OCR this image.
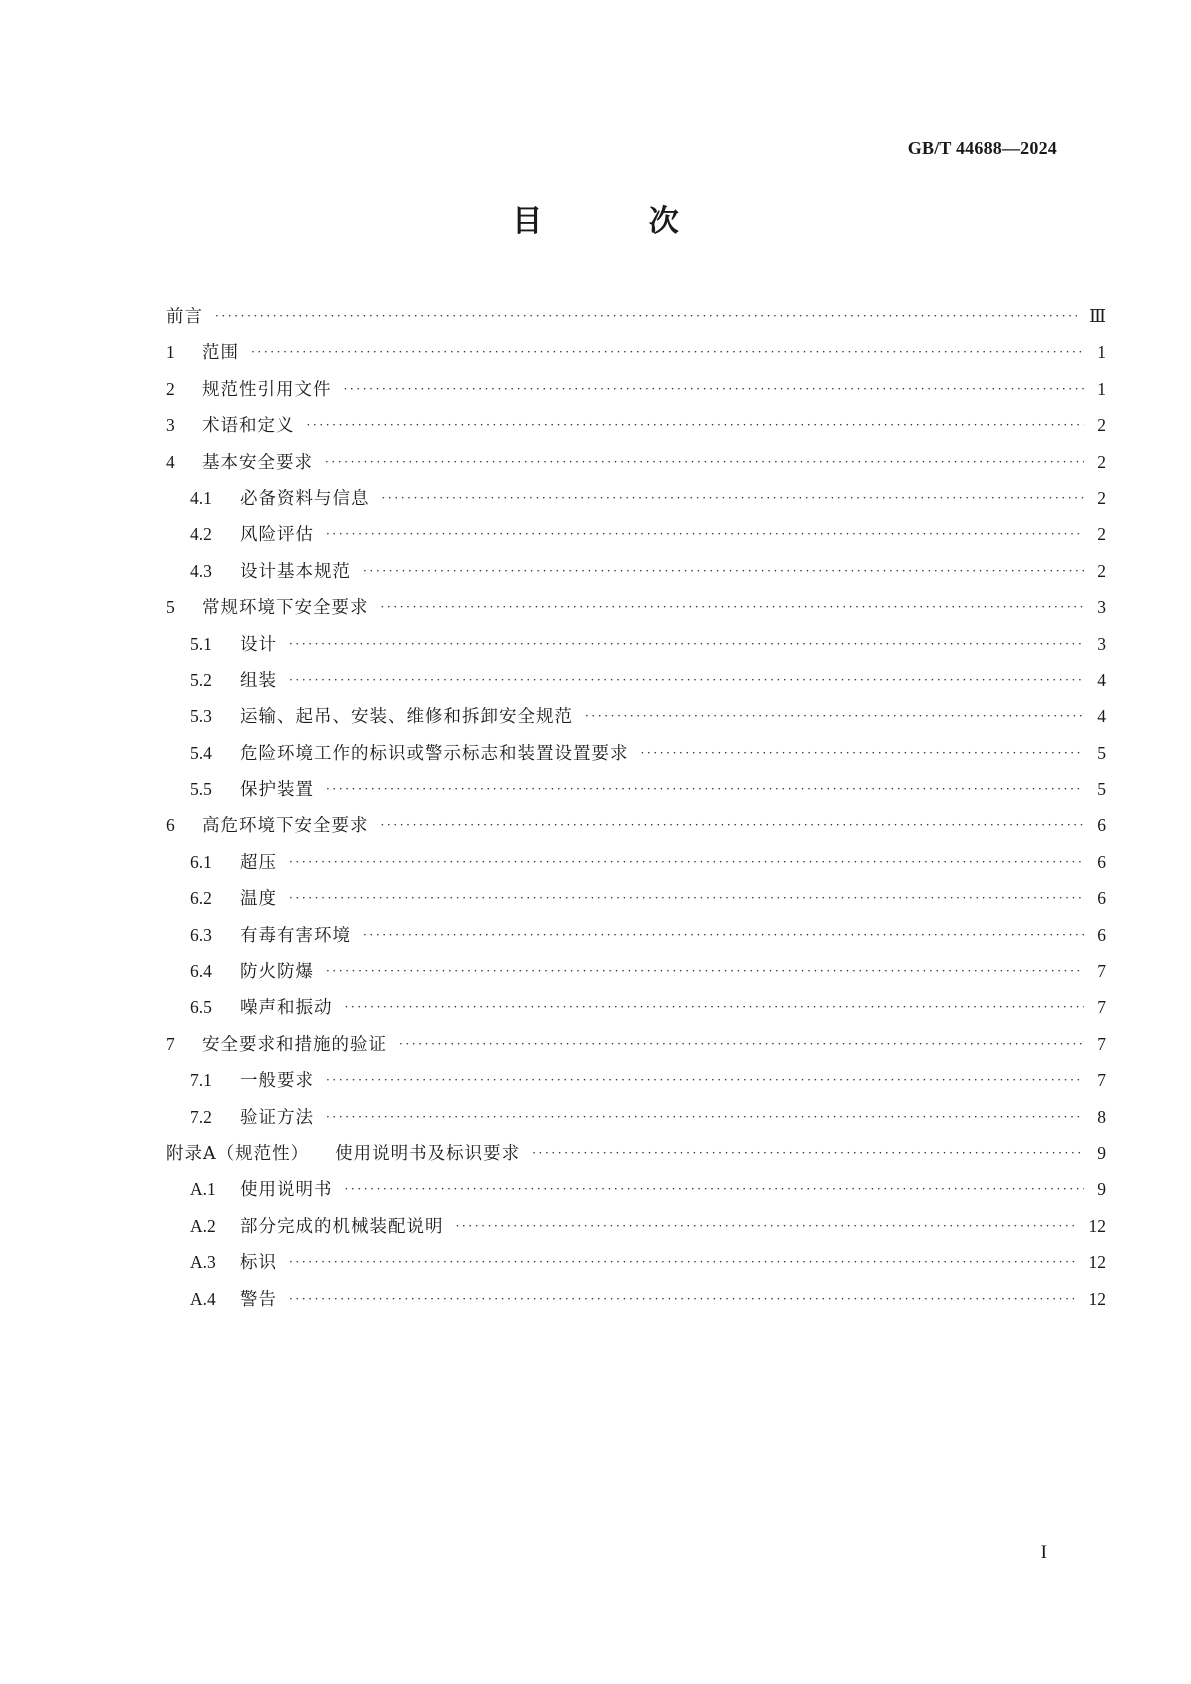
GB/T 44688—2024
目 次
前言 ·····	Ⅲ
1	范围 ·····	1
2	规范性引用文件 ·····	1
3	术语和定义 ·····	2
4	基本安全要求 ·····	2
4.1	必备资料与信息 ·····	2
4.2	风险评估 ·····	2
4.3	设计基本规范 ·····	2
5	常规环境下安全要求 ·····	3
5.1	设计 ·····	3
5.2	组装 ·····	4
5.3	运输、起吊、安装、维修和拆卸安全规范 ·····	4
5.4	危险环境工作的标识或警示标志和装置设置要求 ·····	5
5.5	保护装置 ·····	5
6	高危环境下安全要求 ·····	6
6.1	超压 ·····	6
6.2	温度 ·····	6
6.3	有毒有害环境 ·····	6
6.4	防火防爆 ·····	7
6.5	噪声和振动 ·····	7
7	安全要求和措施的验证 ·····	7
7.1	一般要求 ·····	7
7.2	验证方法 ·····	8
附录A（规范性） 使用说明书及标识要求 ·····	9
A.1	使用说明书 ·····	9
A.2	部分完成的机械装配说明 ·····	12
A.3	标识 ·····	12
A.4	警告 ·····	12
I
